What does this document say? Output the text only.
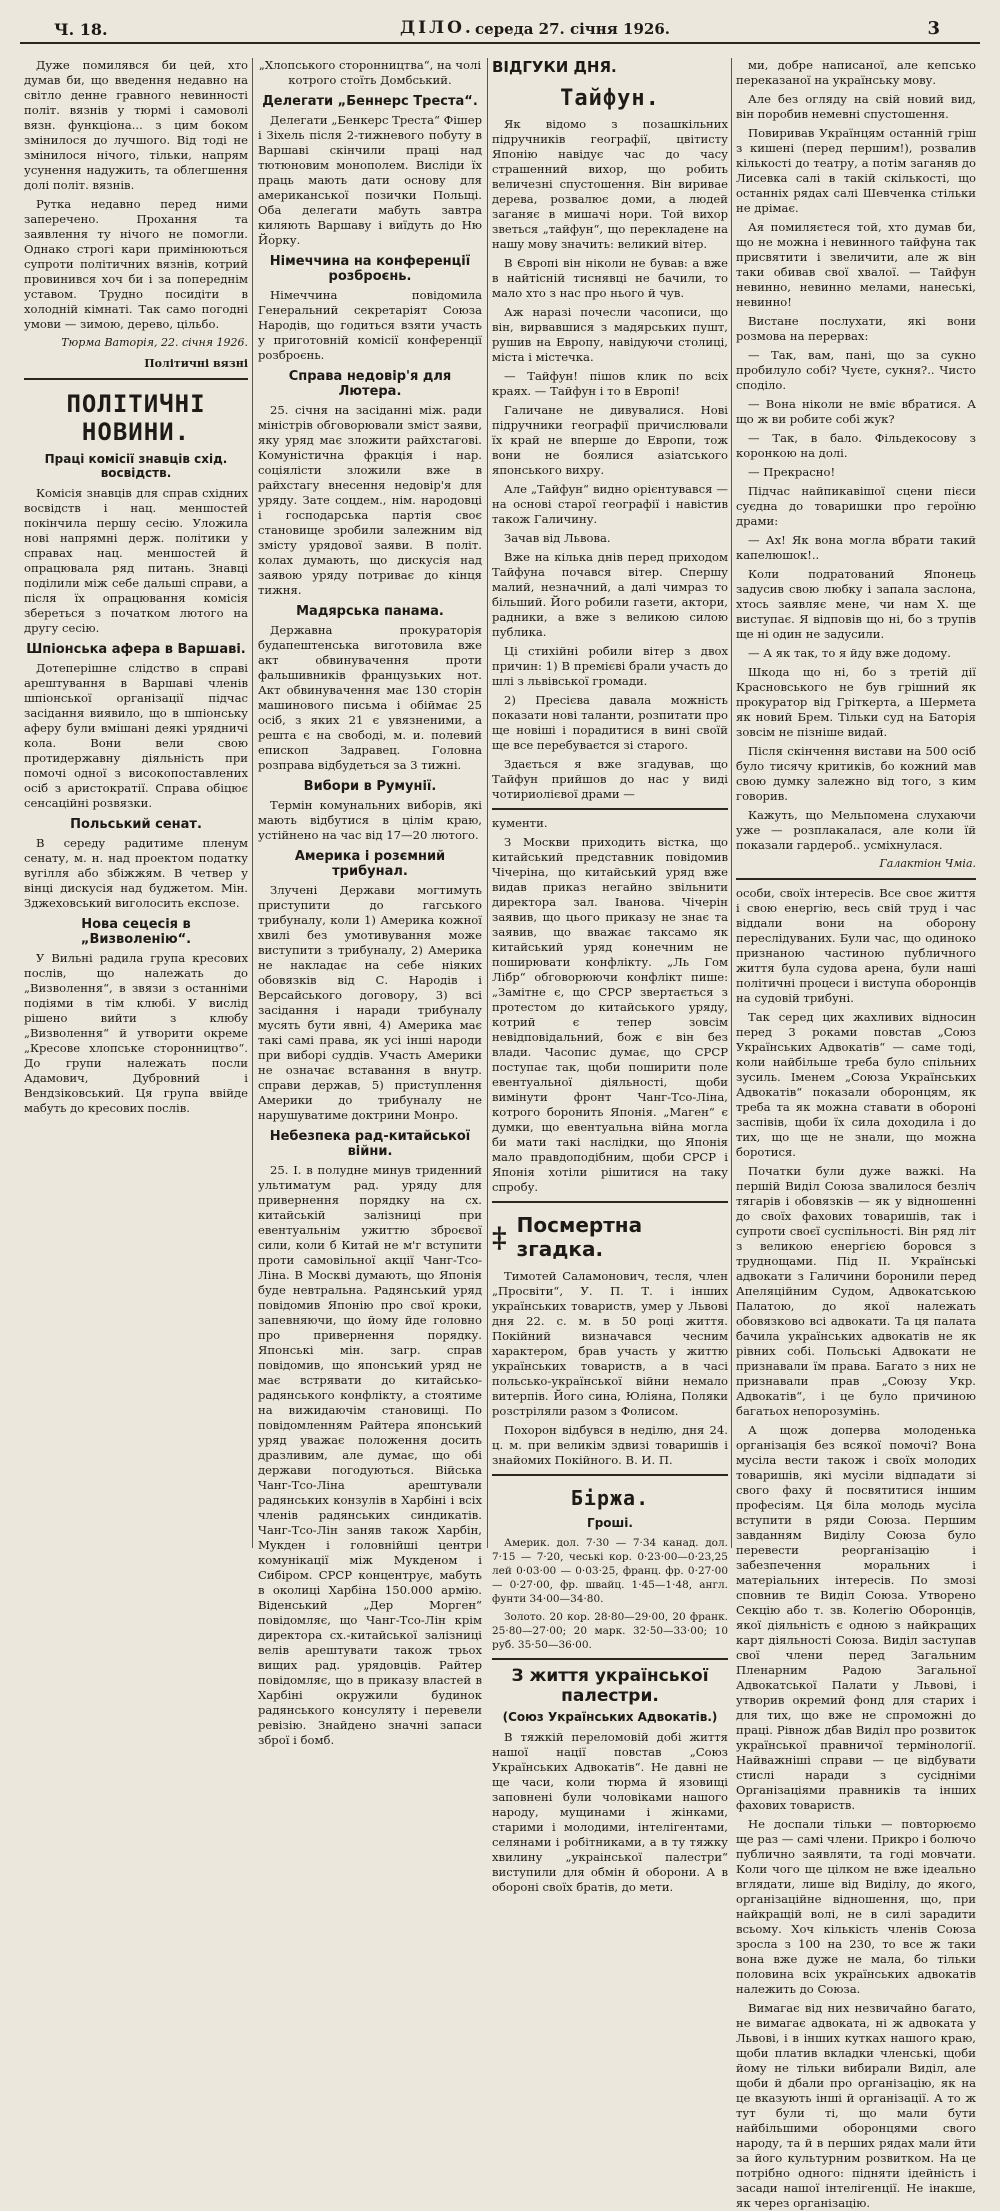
Ч. 18.	ДІЛО. середа 27. січня 1926.	3

Дуже помилявся би цей, хто думав би, що введення недавно на світло денне гравного невинності політ. вязнів у тюрмі і самоволі вязн. функціона... з цим боком змінилося до лучшого. Від тоді не змінилося нічого, тільки, напрям усунення надужить, та облегшення долі політ. вязнів.

Рутка недавно перед ними заперечено. Прохання та заявлення ту нічого не помогли. Однако строгі кари примінюються супроти політичних вязнів, котрий провинився хоч би і за попереднім уставом. Трудно посидіти в холодній кімнаті. Так само погодні умови — зимою, дерево, цільбо.

Тюрма Ваторія, 22. січня 1926.
Політичні вязні
ПОЛІТИЧНІ НОВИНИ.
Праці комісії знавців схід. восвідств.

Комісія знавців для справ східних восвідств і нац. меншостей покінчила першу сесію. Уложила нові напрямні держ. політики у справах нац. меншостей й опрацювала ряд питань. Знавці поділили між себе дальші справи, а після їх опрацювання комісія збереться з початком лютого на другу сесію.

Шпіонська афера в Варшаві.

Дотеперішне слідство в справі арештування в Варшаві членів шпіонської організації підчас засідання виявило, що в шпіонську аферу були вмішані деякі урядничі кола. Вони вели свою протидержавну діяльність при помочі одної з високопоставлених осіб з аристократії. Справа обіцює сенсаційні розвязки.

Польський сенат.

В середу радитиме пленум сенату, м. н. над проектом податку вугілля або збіжжям. В четвер у вінці дискусія над буджетом. Мін. Зджеховський виголосить експозе.

Нова сецесія в „Визволенію“.

У Вильні радила група кресових послів, що належать до „Визволення“, в звязи з останніми подіями в тім клюбі. У вислід рішено вийти з клюбу „Визволення“ й утворити окреме „Кресове хлопське сторонництво“. До групи належать посли Адамович, Дубровний і Вендзіковський. Ця група ввійде мабуть до кресових послів.

„Хлопського сторонництва“, на чолі котрого стоїть Домбський.

Делегати „Беннерс Треста“.

Делегати „Бенкерс Треста“ Фішер і Зіхель після 2-тижневого побуту в Варшаві скінчили праці над тютюновим монополем. Висліди їх праць мають дати основу для американської позички Польщі. Оба делегати мабуть завтра киляють Варшаву і виїдуть до Ню Йорку.

Німеччина на конференції розброєнь.

Німеччина повідомила Генеральний секретаріят Союза Народів, що годиться взяти участь у приготовній комісії конференції розброєнь.

Справа недовір'я для Лютера.

25. січня на засіданні між. ради міністрів обговорювали зміст заяви, яку уряд має зложити райхстагові. Комуністична фракція і нар. соціялісти зложили вже в райхстагу внесення недовір'я для уряду. Зате соцдем., нім. народовці і господарська партія своє становище зробили залежним від змісту урядової заяви. В політ. колах думають, що дискусія над заявою уряду потриває до кінця тижня.

Мадярська панама.

Державна прокураторія будапештенська виготовила вже акт обвинувачення проти фальшивників французьких нот. Акт обвинувачення має 130 сторін машинового письма і обіймає 25 осіб, з яких 21 є увязненими, а решта є на свободі, м. и. полевий епископ Задравец. Головна розправа відбудеться за 3 тижні.

Вибори в Румунії.

Термін комунальних виборів, які мають відбутися в цілім краю, устійнено на час від 17—20 лютого.

Америка і розємний трибунал.

Злучені Держави могтимуть приступити до гагського трибуналу, коли 1) Америка кожної хвилі без умотивування може виступити з трибуналу, 2) Америка не накладає на себе ніяких обовязків від С. Народів і Версайського договору, 3) всі засідання і наради трибуналу мусять бути явні, 4) Америка має такі самі права, як усі інші народи при виборі суддів. Участь Америки не означає вставання в внутр. справи держав, 5) приступлення Америки до трибуналу не нарушуватиме доктрини Монро.

Небезпека рад-китайської війни.

25. І. в полудне минув триденний ультиматум рад. уряду для привернення порядку на сх. китайській залізниці при евентуальнім ужиттю зброєвої сили, коли б Китай не м'г вступити проти самовільної акції Чанг-Тсо-Ліна. В Москві думають, що Японія буде невтральна. Радянський уряд повідомив Японію про свої кроки, запевняючи, що йому йде головно про привернення порядку. Японські мін. загр. справ повідомив, що японський уряд не має встрявати до китайсько-радянського конфлікту, а стоятиме на вижидаючім становищі. По повідомленням Райтера японський уряд уважає положення досить дразливим, але думає, що обі держави погодуються. Війська Чанг-Тсо-Ліна арештували радянських конзулів в Харбіні і всіх членів радянських синдикатів. Чанг-Тсо-Лін заняв також Харбін, Мукден і головнійші центри комунікації між Мукденом і Сибіром. СРСР концентрує, мабуть в околиці Харбіна 150.000 армію. Віденський „Дер Морген“ повідомляє, що Чанг-Тсо-Лін крім директора сх.-китайської залізниці велів арештувати також трьох вищих рад. урядовців. Райтер повідомляє, що в приказу влаcтей в Харбіні окружили будинок радянського консуляту і перевели ревізію. Знайдено значні запаси зброї і бомб.

ВІДГУКИ ДНЯ.
Тайфун.

Як відомо з позашкільних підручників географії, цвітисту Японію навідує час до часу страшенний вихор, що робить величезні спустошення. Він виривае дерева, розвалює доми, а людей заганяє в мишачі нори. Той вихор зветься „тайфун“, що перекладене на нашу мову значить: великий вітер.

В Європі він ніколи не бував: а вже в найтісній тиснявці не бачили, то мало хто з нас про нього й чув.

Аж наразі почесли часописи, що він, вирвавшися з мадярських пушт, рушив на Европу, навідуючи столиці, міста і містечка.

— Тайфун! пішов клик по всіх краях. — Тайфун і то в Европі!

Галичане не дивувалися. Нові підручники географії причислювали їх край не вперше до Европи, тож вони не боялися азіатського японського вихру.

Але „Тайфун“ видно орієнтувався — на основі старої географії і навістив також Галичину.

Зачав від Львова.

Вже на кілька днів перед приходом Тайфуна почався вітер. Спершу малий, незначний, а далі чимраз то більший. Його робили газети, актори, радники, а вже з великою силою публика.

Ці стихійні робили вітер з двох причин: 1) В премієві брали участь до шлі з львівської громади.

2) Пресієва давала можність показати нові таланти, розпитати про ще новіші і порадитися в вині своїй ще все перебуваєтся зі старого.

Здається я вже згадував, що Тайфун прийшов до нас у виді чотириолієвої драми —

кументи.

З Москви приходить вістка, що китайський представник повідомив Чічеріна, що китайський уряд вже видав приказ негайно звільнити директора зал. Іванова. Чічерін заявив, що цього приказу не знає та заявив, що вважає таксамо як китайський уряд конечним не поширювати конфлікту. „Ль Гом Лібр“ обговорюючи конфлікт пише: „Замітне є, що СРСР звертається з протестом до китайського уряду, котрий є тепер зовсім невідповідальний, бож є він без влади. Часопис думає, що СРСР поступає так, щоби поширити поле евентуальної діяльності, щоби вимінути фронт Чанг-Тсо-Ліна, котрого боронить Японія. „Маген“ є думки, що евентуальна війна могла би мати такі наслідки, що Японія мало правдоподібним, щоби СРСР і Японія хотіли рішитися на таку спробу.

‡ Посмертна згадка.

Тимотей Саламонович, тесля, член „Просвіти“, У. П. Т. і інших українських товариств, умер у Львові дня 22. с. м. в 50 році життя. Покійний визначався чесним характером, брав участь у життю українських товариств, а в часі польсько-української війни немало витерпів. Його сина, Юліяна, Поляки розстріляли разом з Фолисом.

Похорон відбувся в неділю, дня 24. ц. м. при великім здвизі товаришів і знайомих Покійного. В. И. П.

Біржа.
Гроші.

Америк. дол. 7·30 — 7·34 канад. дол. 7·15 — 7·20, чеські кор. 0·23·00—0·23,25 лей 0·03·00 — 0·03·25, франц. фр. 0·27·00 — 0·27·00, фр. швайц. 1·45—1·48, англ. фунти 34·00—34·80.

Золото. 20 кор. 28·80—29·00, 20 франк. 25·80—27·00; 20 марк. 32·50—33·00; 10 руб. 35·50—36·00.

З життя української палестри.
(Союз Українських Адвокатів.)

В тяжкій переломовій добі життя нашої нації повстав „Союз Українських Адвокатів“. Не давні не ще часи, коли тюрма й язовищі заповнені були чоловіками нашого народу, мущинами і жінками, старими і молодими, інтелігентами, селянами і робітниками, а в ту тяжку хвилину „украінської палестри“ виступили для обмін й оборони. А в обороні своїх братів, до мети.

ми, добре написаної, але кепсько переказаної на українську мову.

Але без огляду на свій новий вид, він поробив немевні спустошення.

Повиривав Українцям останній гріш з кишені (перед першим!), розвалив кількості до театру, а потім заганяв до Лисевка салі в такій скількості, що останніх рядах салі Шевченка стільки не дрімає.

Ая помиляєтеся той, хто думав би, що не можна і невинного тайфуна так присвятити і звеличити, але ж він таки обивав свої хвалої. — Тайфун невинно, невинно мелами, нанеські, невинно!

Вистане послухати, які вони розмова на перервах:

— Так, вам, пані, що за сукно пробилуло собі? Чуєте, сукня?.. Чисто споділо.

— Вона ніколи не вміє вбратися. А що ж ви робите собі жук?

— Так, в бало. Фільдекосову з коронкою на долі.

— Прекрасно!

Підчас найпикавішої сцени пієси суєдна до товаришки про героїню драми:

— Ах! Як вона могла вбрати такий капелюшок!..

Коли подратований Японець задусив свою любку і запала заслона, хтось заявляє мене, чи нам Х. ще виступає. Я відповів що ні, бо з трупів ще ні один не задусили.

— А як так, то я йду вже додому.

Шкода що ні, бо з третій дії Красновського не був грішний як прокуратор від Гріткерта, а Шермета як новий Брем. Тільки суд на Баторія зовсім не пізніше видай.

Після скінчення вистави на 500 осіб було тисячу критиків, бо кожний мав свою думку залежно від того, з ким говорив.

Кажуть, що Мельпомена слухаючи уже — розплакалася, але коли їй показали гардероб.. усміхнулася.

Галактіон Чміа.

особи, своїх інтересів. Все своє життя і свою енергію, весь свій труд і час віддали вони на оборону переслідуваних. Були час, що одиноко признаною частиною публичного життя була судова арена, були наші політичні процеси і виступа оборонців на судовій трибуні.

Так серед цих жахливих відносин перед 3 роками повстав „Союз Українських Адвокатів“ — саме тоді, коли найбільше треба було спільних зусиль. Іменем „Союза Українських Адвокатів“ показали оборонцям, як треба та як можна ставати в обороні заспівів, щоби їх сила доходила і до тих, що ще не знали, що можна боротися.

Початки були дуже важкі. На першій Виділ Союза звалилося безліч тягарів і обовязків — як у відношенні до своїх фахових товаришів, так і супроти своєї суспільності. Він ряд літ з великою енергією боровся з труднощами. Під ІІ. Українськi адвокати з Галичини боронили перед Апеляцiйним Судом, Адвокатською Палатою, до якої належать обовязково всі адвокати. Та ця палата бачила українських адвокатiв не як рівних собі. Польські Адвокати не признавали їм права. Багато з них не признавали прав „Союзу Укр. Адвокатiв“, і це було причиною багатьох непорозумінь.

А щож доперва молоденька організація без всякої помочі? Вона мусіла вести також і своїх молодих товаришів, які мусіли відпадати зі свого фаху й посвятитися іншим професіям. Ця біла молодь мусіла вступити в ряди Союза. Першим завданням Виділу Союза було перевести реорганізацію і забезпечення моральних і матеріальних інтересів. По змозі сповнив те Виділ Союза. Утворено Секцію або т. зв. Колегію Оборонців, якої діяльність є одною з найкращих карт діяльності Союза. Виділ заступав свої члени перед Загальним Пленарним Радою Загальної Адвокатської Палати у Львові, і утворив окремий фонд для старих і для тих, що вже не спроможні до праці. Рівнож дбав Виділ про розвиток української правничої термінології. Найважніші справи — це відбувати стислі наради з сусідніми Організаціями правників та інших фахових товариств.

Не доспали тільки — повторюємо ще раз — самі члени. Прикро і болючо публично заявляти, та годі мовчати. Коли чого ще цілком не вже ідеально вглядати, лише від Виділу, до якого, організаційне відношення, що, при найкращій волі, не в силі зарадити всьому. Хоч кількість членів Союза зросла з 100 на 230, то все ж таки вона вже дуже не мала, бо тільки половина всіх українських адвокатів належить до Союза.

Вимагає від них незвичайно багато, не вимагає адвоката, ні ж адвоката у Львові, і в інших кутках нашого краю, щоби платив вкладки членські, щоби йому не тільки вибирали Виділ, але щоби й дбали про організацію, як на це вказують інші й організації. А то ж тут були ті, що мали бути найбільшими оборонцями свого народу, та й в перших рядах мали йти за його культурним розвитком. На це потрібно одного: підняти ідейність і засади нашої інтелігенції. Не інакше, як через організацію.
